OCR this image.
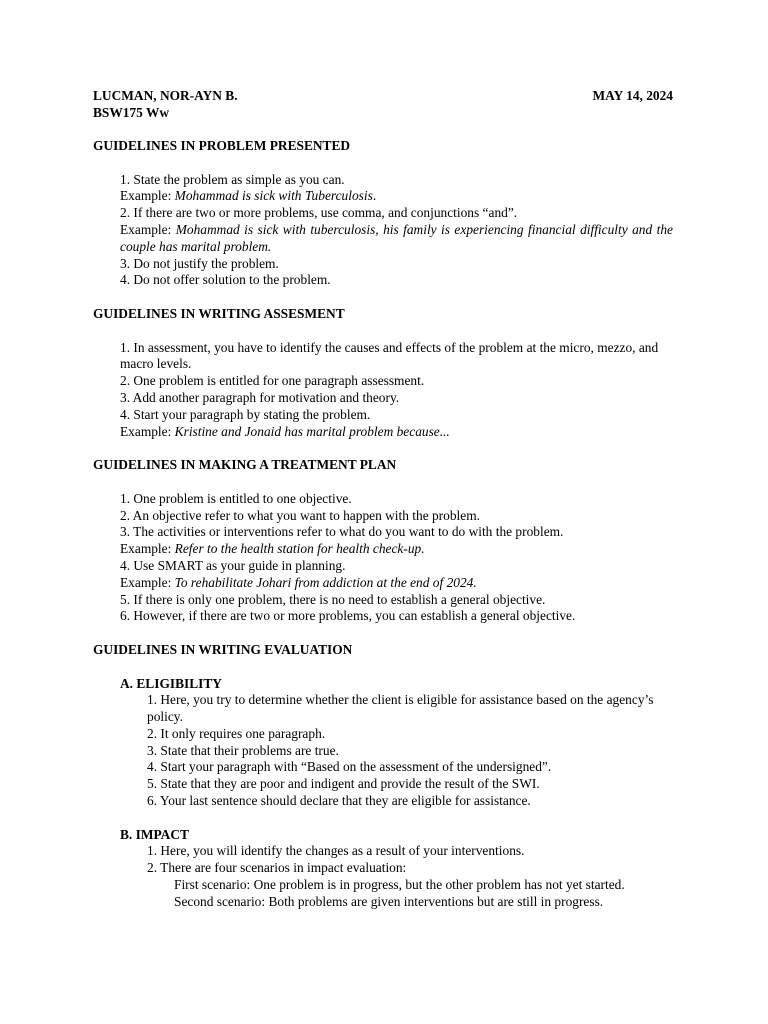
LUCMAN, NOR-AYN B.	MAY 14, 2024
BSW175 Ww
GUIDELINES IN PROBLEM PRESENTED
1. State the problem as simple as you can.
Example: Mohammad is sick with Tuberculosis.
2. If there are two or more problems, use comma, and conjunctions “and”.
Example: Mohammad is sick with tuberculosis, his family is experiencing financial difficulty and the couple has marital problem.
3. Do not justify the problem.
4. Do not offer solution to the problem.
GUIDELINES IN WRITING ASSESMENT
1. In assessment, you have to identify the causes and effects of the problem at the micro, mezzo, and macro levels.
2. One problem is entitled for one paragraph assessment.
3. Add another paragraph for motivation and theory.
4. Start your paragraph by stating the problem.
Example: Kristine and Jonaid has marital problem because...
GUIDELINES IN MAKING A TREATMENT PLAN
1. One problem is entitled to one objective.
2. An objective refer to what you want to happen with the problem.
3. The activities or interventions refer to what do you want to do with the problem.
Example: Refer to the health station for health check-up.
4. Use SMART as your guide in planning.
Example: To rehabilitate Johari from addiction at the end of 2024.
5. If there is only one problem, there is no need to establish a general objective.
6. However, if there are two or more problems, you can establish a general objective.
GUIDELINES IN WRITING EVALUATION
A. ELIGIBILITY
1. Here, you try to determine whether the client is eligible for assistance based on the agency’s policy.
2. It only requires one paragraph.
3. State that their problems are true.
4. Start your paragraph with “Based on the assessment of the undersigned”.
5. State that they are poor and indigent and provide the result of the SWI.
6. Your last sentence should declare that they are eligible for assistance.
B. IMPACT
1. Here, you will identify the changes as a result of your interventions.
2. There are four scenarios in impact evaluation:
First scenario: One problem is in progress, but the other problem has not yet started.
Second scenario: Both problems are given interventions but are still in progress.
